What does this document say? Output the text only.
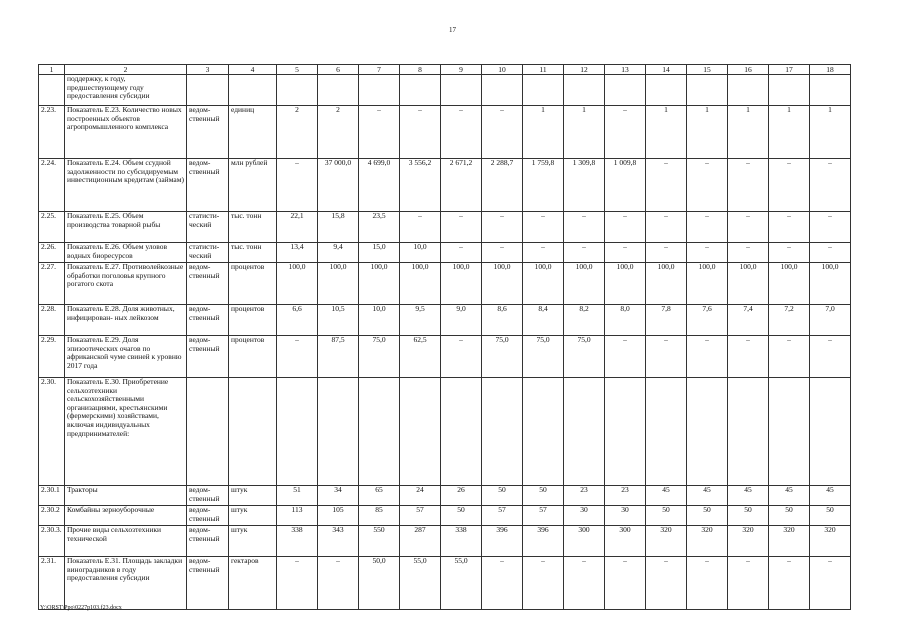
17
1	2	3	4	5	6	7	8	9	10	11	12	13	14	15	16	17	18
	поддержку, к году, предшествующему году предоставления субсидии																
2.23.	Показатель Е.23. Количество новых построенных объектов агропромышленного комплекса	ведом- ственный	единиц	2	2	–	–	–	–	1	1	–	1	1	1	1	1
2.24.	Показатель Е.24. Объем ссудной задолженности по субсидируемым инвестиционным кредитам (займам)	ведом- ственный	млн рублей	–	37 000,0	4 699,0	3 556,2	2 671,2	2 288,7	1 759,8	1 309,8	1 009,8	–	–	–	–	–
2.25.	Показатель Е.25. Объем производства товарной рыбы	статисти- ческий	тыс. тонн	22,1	15,8	23,5	–	–	–	–	–	–	–	–	–	–	–
2.26.	Показатель Е.26. Объем уловов водных биоресурсов	статисти- ческий	тыс. тонн	13,4	9,4	15,0	10,0	–	–	–	–	–	–	–	–	–	–
2.27.	Показатель Е.27. Противолейкозные обработки поголовья крупного рогатого скота	ведом- ственный	процентов	100,0	100,0	100,0	100,0	100,0	100,0	100,0	100,0	100,0	100,0	100,0	100,0	100,0	100,0
2.28.	Показатель Е.28. Доля животных, инфицирован- ных лейкозом	ведом- ственный	процентов	6,6	10,5	10,0	9,5	9,0	8,6	8,4	8,2	8,0	7,8	7,6	7,4	7,2	7,0
2.29.	Показатель Е.29. Доля эпизоотических очагов по африканской чуме свиней к уровню 2017 года	ведом- ственный	процентов	–	87,5	75,0	62,5	–	75,0	75,0	75,0	–	–	–	–	–	–
2.30.	Показатель Е.30. Приобретение сельхозтехники сельскохозяйственными организациями, крестьянскими (фермерскими) хозяйствами, включая индивидуальных предпринимателей:																
2.30.1	Тракторы	ведом- ственный	штук	51	34	65	24	26	50	50	23	23	45	45	45	45	45
2.30.2	Комбайны зерноуборочные	ведом- ственный	штук	113	105	85	57	50	57	57	30	30	50	50	50	50	50
2.30.3.	Прочие виды сельхозтехники технической	ведом- ственный	штук	338	343	550	287	338	396	396	300	300	320	320	320	320	320
2.31.	Показатель Е.31. Площадь закладки виноградников в году предоставления субсидии	ведом- ственный	гектаров	–	–	50,0	55,0	55,0	–	–	–	–	–	–	–	–	–
Y:\ORST\Ppo\0227p103.f23.docx
